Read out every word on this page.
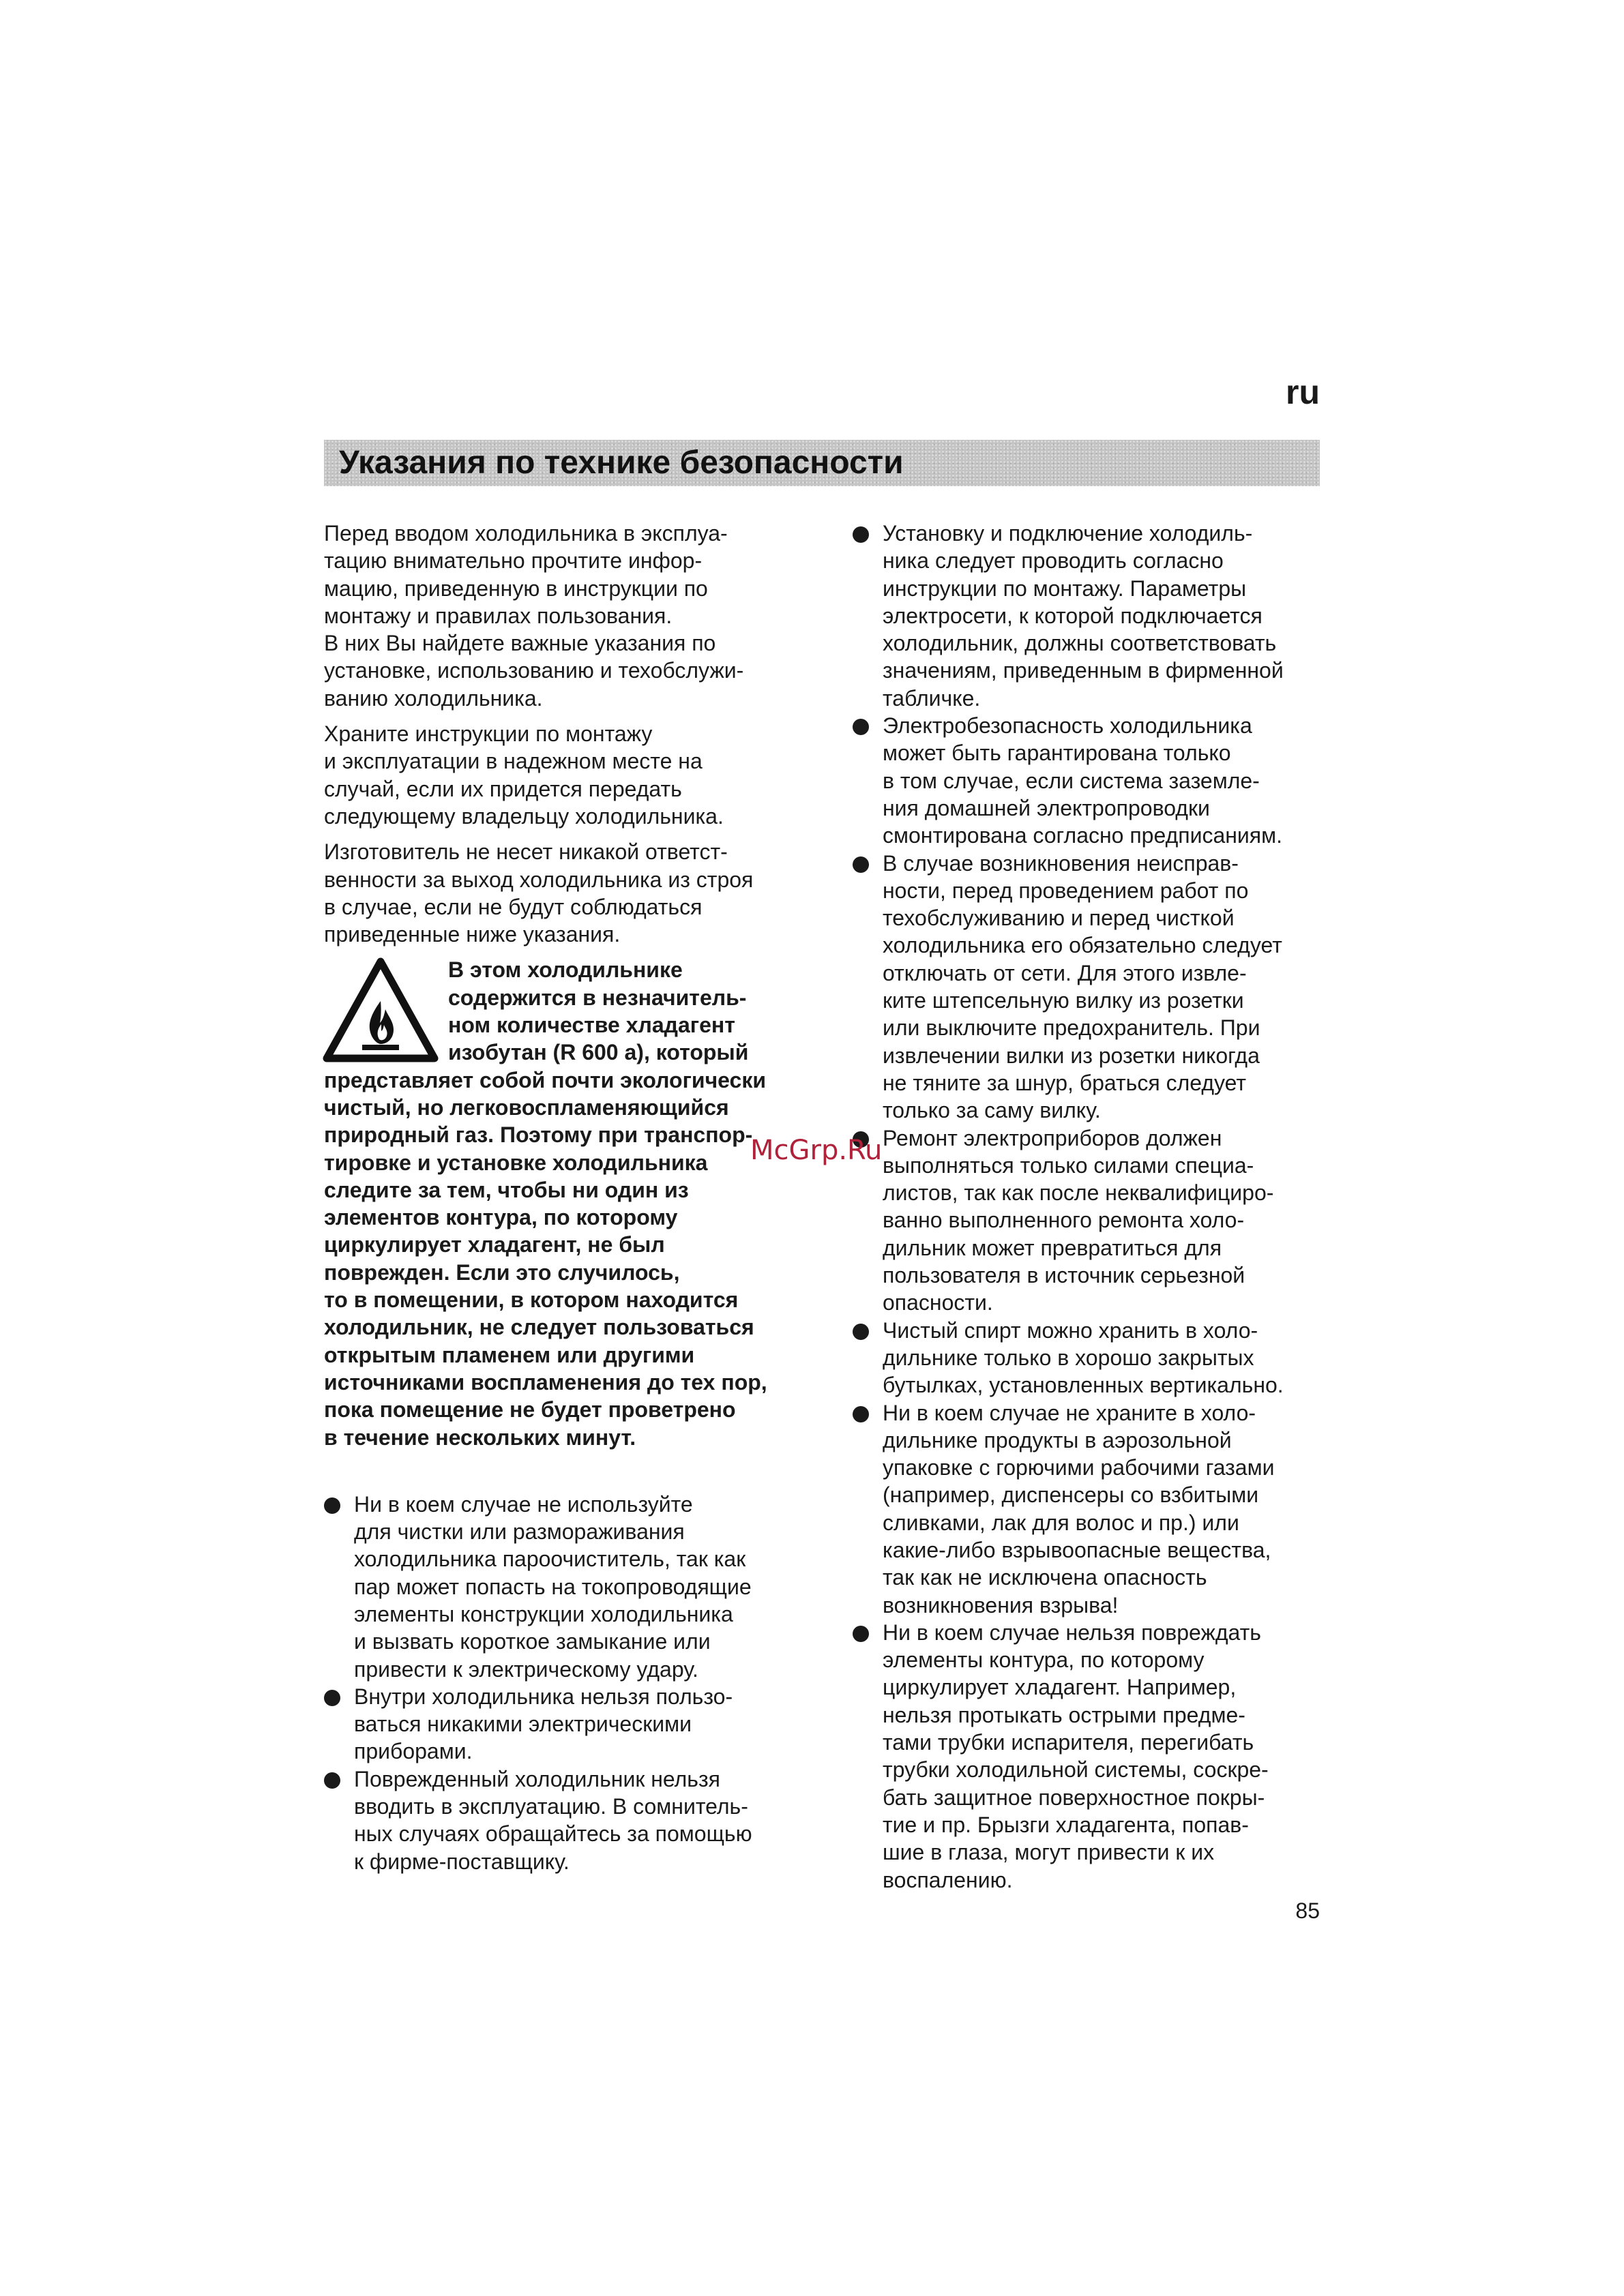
ru
Указания по технике безопасности

Перед вводом холодильника в эксплуа-

тацию внимательно прочтите инфор-

мацию, приведенную в инструкции по

монтажу и правилах пользования.

В них Вы найдете важные указания по

установке, использованию и техобслужи-

ванию холодильника.

Храните инструкции по монтажу

и эксплуатации в надежном месте на

случай, если их придется передать

следующему владельцу холодильника.

Изготовитель не несет никакой ответст-

венности за выход холодильника из строя

в случае, если не будут соблюдаться

приведенные ниже указания.

В этом холодильнике

содержится в незначитель-

ном количестве хладагент

изобутан (R 600 a), который

представляет собой почти экологически

чистый, но легковоспламеняющийся

природный газ. Поэтому при транспор-

тировке и установке холодильника

следите за тем, чтобы ни один из

элементов контура, по которому

циркулирует хладагент, не был

поврежден. Если это случилось,

то в помещении, в котором находится

холодильник, не следует пользоваться

открытым пламенем или другими

источниками воспламенения до тех пор,

пока помещение не будет проветрено

в течение нескольких минут.

Ни в коем случае не используйте
для чистки или размораживания
холодильника пароочиститель, так как
пар может попасть на токопроводящие
элементы конструкции холодильника
и вызвать короткое замыкание или
привести к электрическому удару.
Внутри холодильника нельзя пользо-
ваться никакими электрическими
приборами.
Поврежденный холодильник нельзя
вводить в эксплуатацию. В сомнитель-
ных случаях обращайтесь за помощью
к фирме-поставщику.
Установку и подключение холодиль-
ника следует проводить согласно
инструкции по монтажу. Параметры
электросети, к которой подключается
холодильник, должны соответствовать
значениям, приведенным в фирменной
табличке.
Электробезопасность холодильника
может быть гарантирована только
в том случае, если система заземле-
ния домашней электропроводки
смонтирована согласно предписаниям.
В случае возникновения неисправ-
ности, перед проведением работ по
техобслуживанию и перед чисткой
холодильника его обязательно следует
отключать от сети. Для этого извле-
ките штепсельную вилку из розетки
или выключите предохранитель. При
извлечении вилки из розетки никогда
не тяните за шнур, браться следует
только за саму вилку.
Ремонт электроприборов должен
выполняться только силами специа-
листов, так как после неквалифициро-
ванно выполненного ремонта холо-
дильник может превратиться для
пользователя в источник серьезной
опасности.
Чистый спирт можно хранить в холо-
дильнике только в хорошо закрытых
бутылках, установленных вертикально.
Ни в коем случае не храните в холо-
дильнике продукты в аэрозольной
упаковке с горючими рабочими газами
(например, диспенсеры со взбитыми
сливками, лак для волос и пр.) или
какие-либо взрывоопасные вещества,
так как не исключена опасность
возникновения взрыва!
Ни в коем случае нельзя повреждать
элементы контура, по которому
циркулирует хладагент. Например,
нельзя протыкать острыми предме-
тами трубки испарителя, перегибать
трубки холодильной системы, соскре-
бать защитное поверхностное покры-
тие и пр. Брызги хладагента, попав-
шие в глаза, могут привести к их
воспалению.
McGrp.Ru
85
